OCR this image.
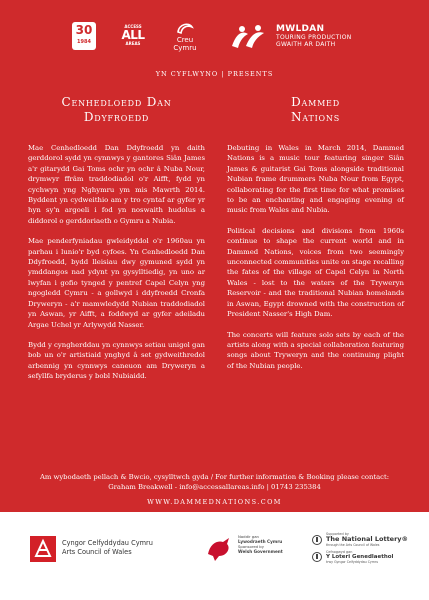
30
1984
ACCESS
ALL
AREAS	Creu
Cymru
MWLDAN
TOURING PRODUCTION
GWAITH AR DAITH
YN CYFLWYNO | PRESENTS
Cenhedloedd Dan
Ddyfroedd

Mae Cenhedloedd Dan Ddyfroedd yn daith gerddorol sydd yn cynnwys y gantores Siân James a'r gitarydd Gai Toms ochr yn ochr â Nuba Nour, drymwyr ffrâm traddodiadol o'r Aifft, fydd yn cychwyn yng Nghymru ym mis Mawrth 2014. Byddent yn cydweithio am y tro cyntaf ar gyfer yr hyn sy'n argoeli i fod yn noswaith hudolus a diddorol o gerddoriaeth o Gymru a Nubia.

Mae penderfyniadau gwleidyddol o'r 1960au yn parhau i lunio'r byd cyfoes. Yn Cenhedloedd Dan Ddyfroedd, bydd lleisiau dwy gymuned sydd yn ymddangos nad ydynt yn gysylltiedig, yn uno ar lwyfan i gofio tynged y pentref Capel Celyn yng ngogledd Cymru - a gollwyd i ddyfroedd Cronfa Dryweryn - a'r mamwledydd Nubian traddodiadol yn Aswan, yr Aifft, a foddwyd ar gyfer adeiladu Argae Uchel yr Arlywydd Nasser.

Bydd y cyngherddau yn cynnwys setiau unigol gan bob un o'r artistiaid ynghyd â set gydweithredol arbennig yn cynnwys caneuon am Dryweryn a sefyllfa bryderus y bobl Nubiaidd.

Dammed
Nations

Debuting in Wales in March 2014, Dammed Nations is a music tour featuring singer Siân James & guitarist Gai Toms alongside traditional Nubian frame drummers Nuba Nour from Egypt, collaborating for the first time for what promises to be an enchanting and engaging evening of music from Wales and Nubia.

Political decisions and divisions from 1960s continue to shape the current world and in Dammed Nations, voices from two seemingly unconnected communities unite on stage recalling the fates of the village of Capel Celyn in North Wales - lost to the waters of the Tryweryn Reservoir - and the traditional Nubian homelands in Aswan, Egypt drowned with the construction of President Nasser's High Dam.

The concerts will feature solo sets by each of the artists along with a special collaboration featuring songs about Tryweryn and the continuing plight of the Nubian people.

Am wybodaeth pellach & Bwcio, cysylltwch gyda / For further information & Booking please contact:
Graham Breakwell - info@accessallareas.info | 01743 235384
WWW.DAMMEDNATIONS.COM
Cyngor Celfyddydau Cymru
Arts Council of Wales
Noddir gan
Lywodraeth Cymru
Sponsored by
Welsh Government
Supported by
The National Lottery®
through the Arts Council of Wales
Cefnogwyd gan
Y Loteri Genedlaethol
trwy Gyngor Celfyddydau Cymru
